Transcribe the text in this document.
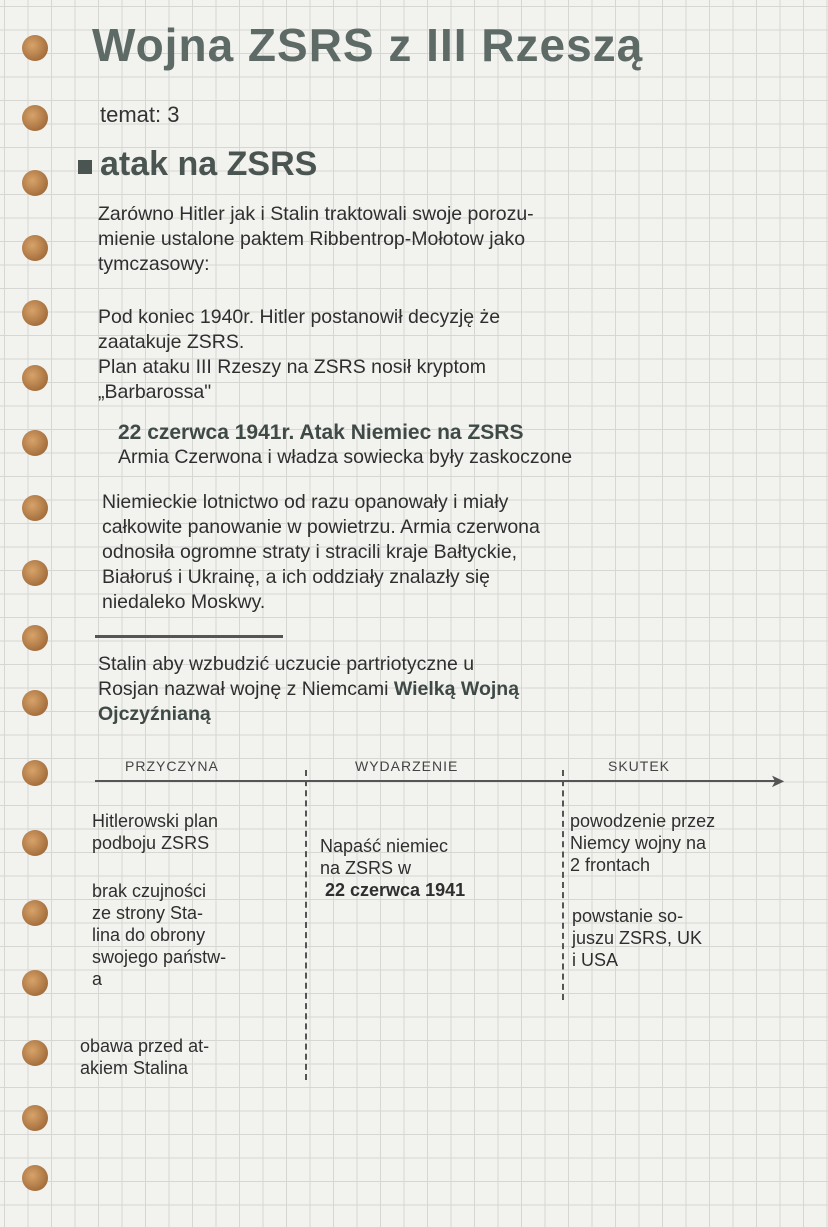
Wojna ZSRS z III Rzeszą
temat: 3
atak na ZSRS
Zarówno Hitler jak i Stalin traktowali swoje porozu-
mienie ustalone paktem Ribbentrop-Mołotow jako
tymczasowy:
Pod koniec 1940r. Hitler postanowił decyzję że
zaatakuje ZSRS.
Plan ataku III Rzeszy na ZSRS nosił kryptom
„Barbarossa"
22 czerwca 1941r. Atak Niemiec na ZSRS
Armia Czerwona i władza sowiecka były zaskoczone
Niemieckie lotnictwo od razu opanowały i miały
całkowite panowanie w powietrzu. Armia czerwona
odnosiła ogromne straty i stracili kraje Bałtyckie,
Białoruś i Ukrainę, a ich oddziały znalazły się
niedaleko Moskwy.
Stalin aby wzbudzić uczucie partriotyczne u
Rosjan nazwał wojnę z Niemcami Wielką Wojną
Ojczyźnianą
PRZYCZYNA	WYDARZENIE	SKUTEK
➤
Hitlerowski plan
podboju ZSRS
brak czujności
ze strony Sta-
lina do obrony
swojego państw-
a
obawa przed at-
akiem Stalina
Napaść niemiec
na ZSRS w
22 czerwca 1941
powodzenie przez
Niemcy wojny na
2 frontach
powstanie so-
juszu ZSRS, UK
i USA
